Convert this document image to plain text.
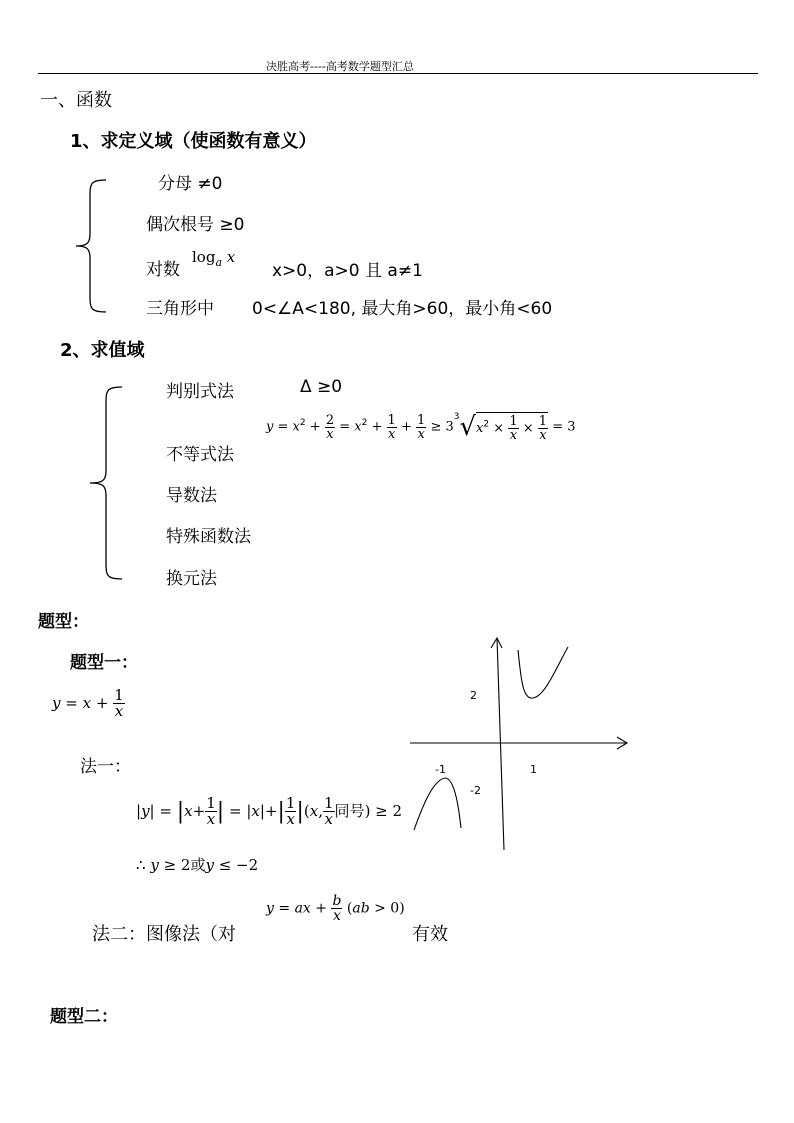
决胜高考----高考数学题型汇总
一、函数
1、求定义域（使函数有意义）
分母 ≠0
偶次根号 ≥0
对数
$\log_a x$
x>0，a>0 且 a≠1
三角形中 0<∠A<180, 最大角>60，最小角<60
2、求值域
判别式法	Δ ≥0
不等式法
$y = x^2 + \frac{2}{x} = x^2 + \frac{1}{x} + \frac{1}{x} \ge 3^3√x^2 \times \frac{1}{x} \times \frac{1}{x} = 3$
导数法
特殊函数法
换元法
题型：
题型一：
$y = x + \frac{1}{x}$
法一：
$|y| = |x+ \frac{1}{x}$ | = $|x|+| \frac{1}{x} |(x$, $\frac{1}{x}$ 同号) ≥ 2
∴ y ≥ 2或y ≤ −2
法二：图像法（对
y = ax + $\frac{b}{x} (ab > 0)$
有效
题型二：
2
-1	1
-2
